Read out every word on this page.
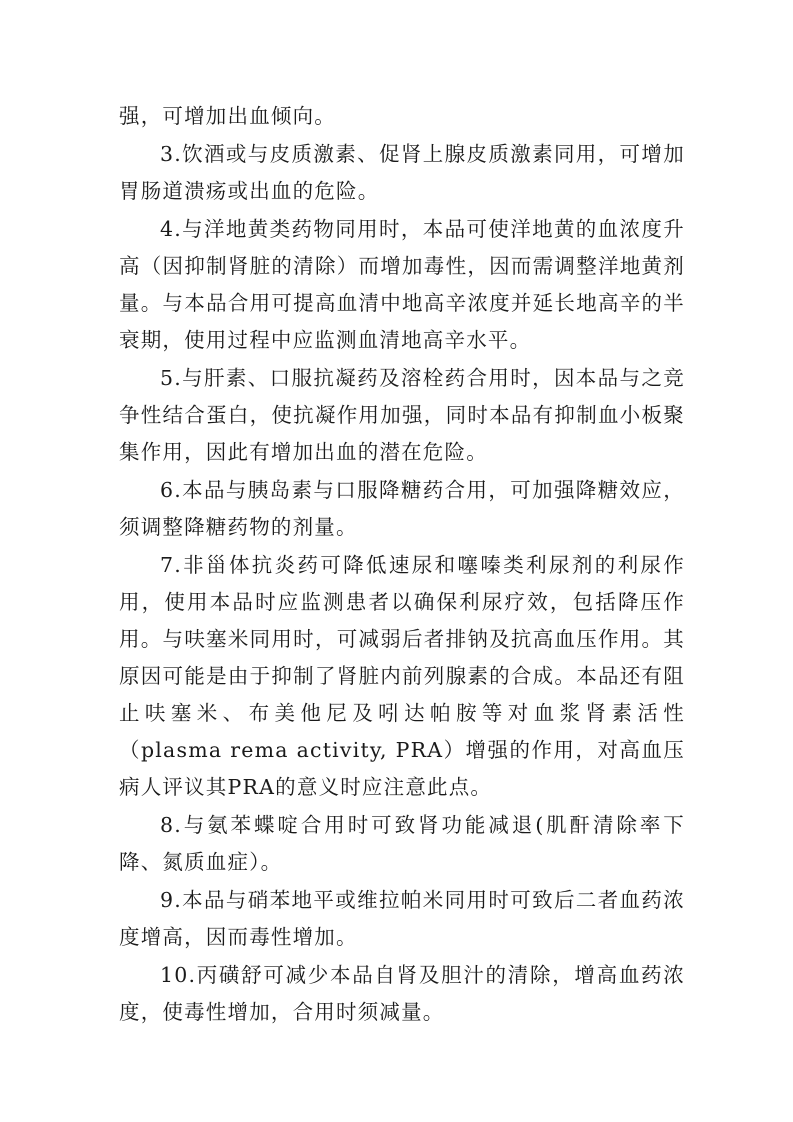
强，可增加出血倾向。

3.饮酒或与皮质激素、促肾上腺皮质激素同用，可增加胃肠道溃疡或出血的危险。

4.与洋地黄类药物同用时，本品可使洋地黄的血浓度升高（因抑制肾脏的清除）而增加毒性，因而需调整洋地黄剂量。与本品合用可提高血清中地高辛浓度并延长地高辛的半衰期，使用过程中应监测血清地高辛水平。

5.与肝素、口服抗凝药及溶栓药合用时，因本品与之竞争性结合蛋白，使抗凝作用加强，同时本品有抑制血小板聚集作用，因此有增加出血的潜在危险。

6.本品与胰岛素与口服降糖药合用，可加强降糖效应，须调整降糖药物的剂量。

7.非甾体抗炎药可降低速尿和噻嗪类利尿剂的利尿作用，使用本品时应监测患者以确保利尿疗效，包括降压作用。与呋塞米同用时，可减弱后者排钠及抗高血压作用。其原因可能是由于抑制了肾脏内前列腺素的合成。本品还有阻止呋塞米、布美他尼及吲达帕胺等对血浆肾素活性（plasma rema activity, PRA）增强的作用，对高血压病人评议其PRA的意义时应注意此点。

8.与氨苯蝶啶合用时可致肾功能减退(肌酐清除率下降、氮质血症）。

9.本品与硝苯地平或维拉帕米同用时可致后二者血药浓度增高，因而毒性增加。

10.丙磺舒可减少本品自肾及胆汁的清除，增高血药浓度，使毒性增加，合用时须减量。
